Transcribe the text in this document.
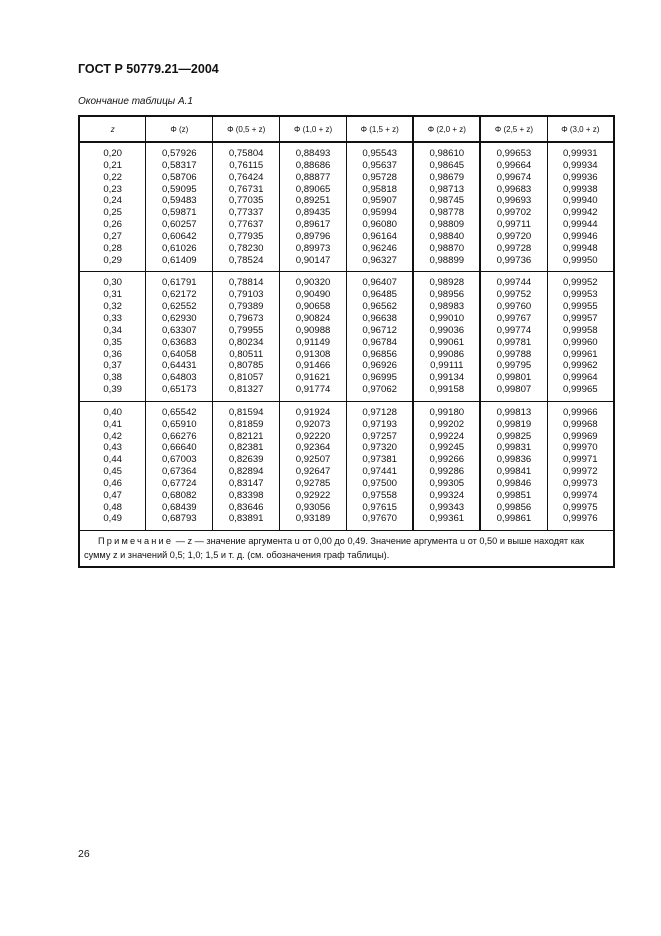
ГОСТ Р 50779.21—2004
Окончание таблицы А.1
z	Φ (z)	Φ (0,5 + z)	Φ (1,0 + z)	Φ (1,5 + z)	Φ (2,0 + z)	Φ (2,5 + z)	Φ (3,0 + z)
0,20	0,57926	0,75804	0,88493	0,95543	0,98610	0,99653	0,99931
0,21	0,58317	0,76115	0,88686	0,95637	0,98645	0,99664	0,99934
0,22	0,58706	0,76424	0,88877	0,95728	0,98679	0,99674	0,99936
0,23	0,59095	0,76731	0,89065	0,95818	0,98713	0,99683	0,99938
0,24	0,59483	0,77035	0,89251	0,95907	0,98745	0,99693	0,99940
0,25	0,59871	0,77337	0,89435	0,95994	0,98778	0,99702	0,99942
0,26	0,60257	0,77637	0,89617	0,96080	0,98809	0,99711	0,99944
0,27	0,60642	0,77935	0,89796	0,96164	0,98840	0,99720	0,99946
0,28	0,61026	0,78230	0,89973	0,96246	0,98870	0,99728	0,99948
0,29	0,61409	0,78524	0,90147	0,96327	0,98899	0,99736	0,99950
0,30	0,61791	0,78814	0,90320	0,96407	0,98928	0,99744	0,99952
0,31	0,62172	0,79103	0,90490	0,96485	0,98956	0,99752	0,99953
0,32	0,62552	0,79389	0,90658	0,96562	0,98983	0,99760	0,99955
0,33	0,62930	0,79673	0,90824	0,96638	0,99010	0,99767	0,99957
0,34	0,63307	0,79955	0,90988	0,96712	0,99036	0,99774	0,99958
0,35	0,63683	0,80234	0,91149	0,96784	0,99061	0,99781	0,99960
0,36	0,64058	0,80511	0,91308	0,96856	0,99086	0,99788	0,99961
0,37	0,64431	0,80785	0,91466	0,96926	0,99111	0,99795	0,99962
0,38	0,64803	0,81057	0,91621	0,96995	0,99134	0,99801	0,99964
0,39	0,65173	0,81327	0,91774	0,97062	0,99158	0,99807	0,99965
0,40	0,65542	0,81594	0,91924	0,97128	0,99180	0,99813	0,99966
0,41	0,65910	0,81859	0,92073	0,97193	0,99202	0,99819	0,99968
0,42	0,66276	0,82121	0,92220	0,97257	0,99224	0,99825	0,99969
0,43	0,66640	0,82381	0,92364	0,97320	0,99245	0,99831	0,99970
0,44	0,67003	0,82639	0,92507	0,97381	0,99266	0,99836	0,99971
0,45	0,67364	0,82894	0,92647	0,97441	0,99286	0,99841	0,99972
0,46	0,67724	0,83147	0,92785	0,97500	0,99305	0,99846	0,99973
0,47	0,68082	0,83398	0,92922	0,97558	0,99324	0,99851	0,99974
0,48	0,68439	0,83646	0,93056	0,97615	0,99343	0,99856	0,99975
0,49	0,68793	0,83891	0,93189	0,97670	0,99361	0,99861	0,99976
Примечание — z — значение аргумента u от 0,00 до 0,49. Значение аргумента u от 0,50 и выше находят как сумму z и значений 0,5; 1,0; 1,5 и т. д. (см. обозначения граф таблицы).							
26
